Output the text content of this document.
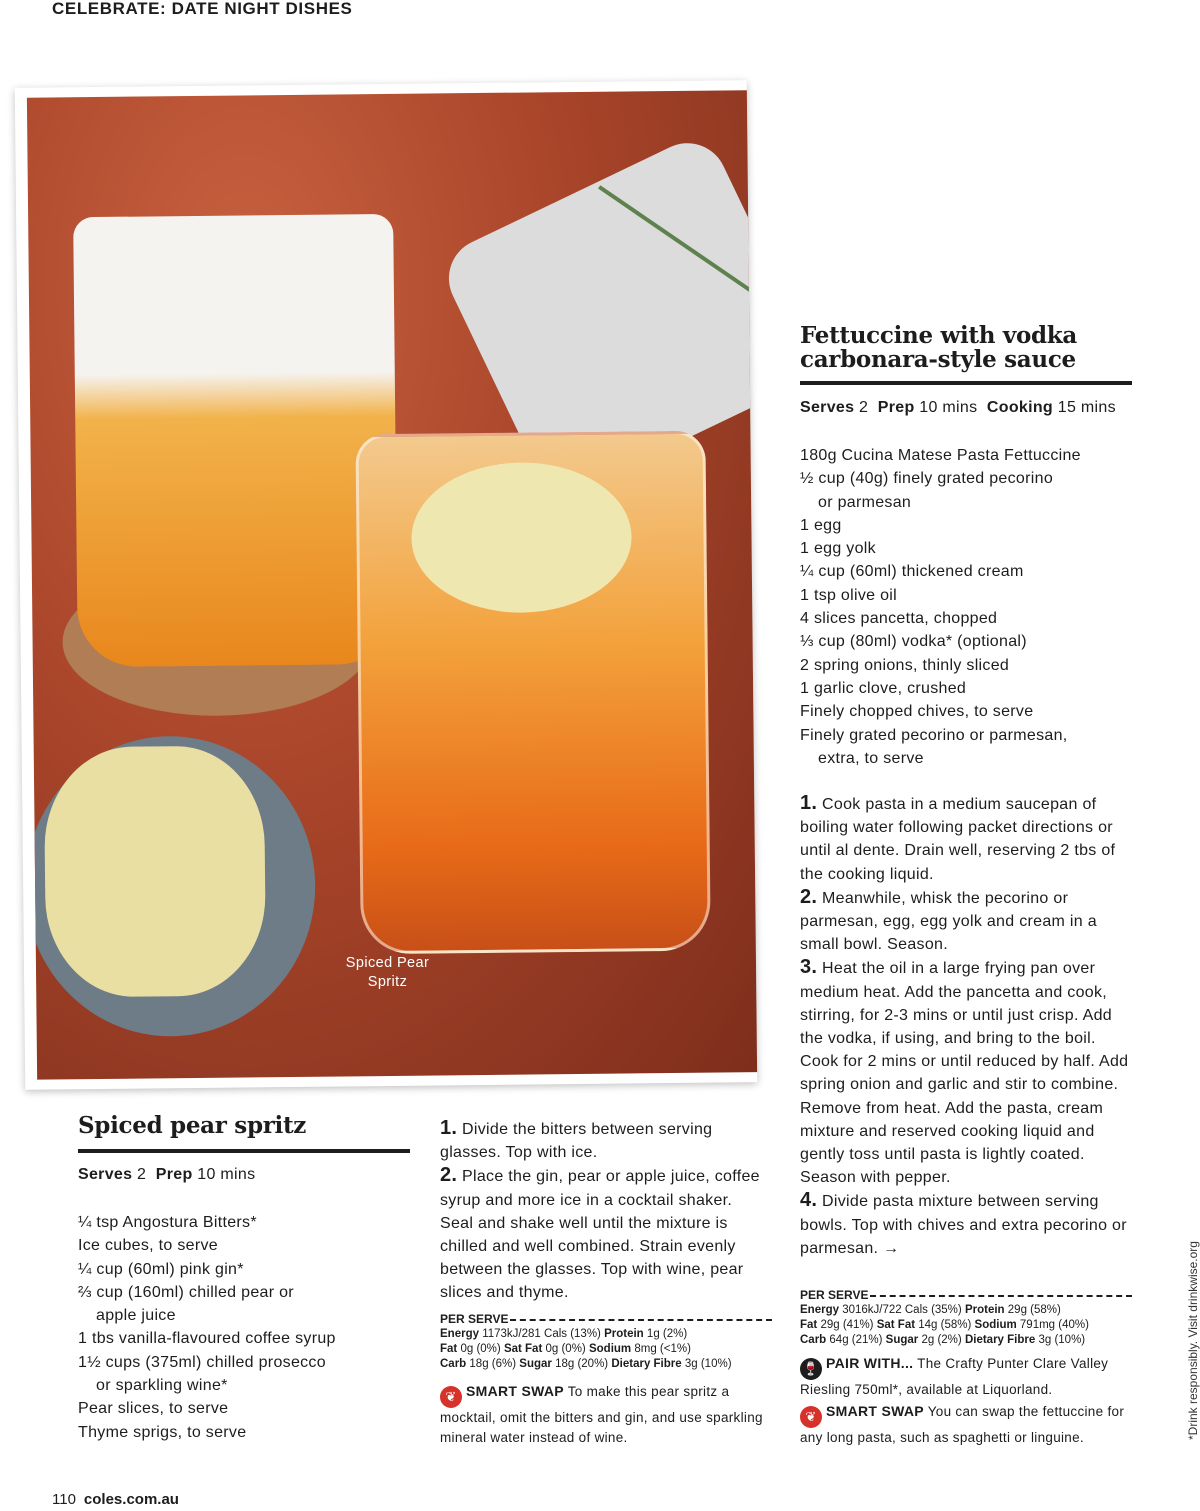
CELEBRATE: DATE NIGHT DISHES
Spiced Pear
Spritz
Fettuccine with vodka
carbonara-style sauce
Serves 2 Prep 10 mins Cooking 15 mins
180g Cucina Matese Pasta Fettuccine
½ cup (40g) finely grated pecorino
or parmesan
1 egg
1 egg yolk
¼ cup (60ml) thickened cream
1 tsp olive oil
4 slices pancetta, chopped
⅓ cup (80ml) vodka* (optional)
2 spring onions, thinly sliced
1 garlic clove, crushed
Finely chopped chives, to serve
Finely grated pecorino or parmesan,
extra, to serve
1. Cook pasta in a medium saucepan of boiling water following packet directions or until al dente. Drain well, reserving 2 tbs of the cooking liquid.
2. Meanwhile, whisk the pecorino or parmesan, egg, egg yolk and cream in a small bowl. Season.
3. Heat the oil in a large frying pan over medium heat. Add the pancetta and cook, stirring, for 2-3 mins or until just crisp. Add the vodka, if using, and bring to the boil. Cook for 2 mins or until reduced by half. Add spring onion and garlic and stir to combine. Remove from heat. Add the pasta, cream mixture and reserved cooking liquid and gently toss until pasta is lightly coated. Season with pepper.
4. Divide pasta mixture between serving bowls. Top with chives and extra pecorino or parmesan. →
PER SERVE
Energy 3016kJ/722 Cals (35%) Protein 29g (58%)
Fat 29g (41%) Sat Fat 14g (58%) Sodium 791mg (40%)
Carb 64g (21%) Sugar 2g (2%) Dietary Fibre 3g (10%)
🍷 PAIR WITH... The Crafty Punter Clare Valley Riesling 750ml*, available at Liquorland.
❦ SMART SWAP You can swap the fettuccine for any long pasta, such as spaghetti or linguine.
Spiced pear spritz
Serves 2 Prep 10 mins
¼ tsp Angostura Bitters*
Ice cubes, to serve
¼ cup (60ml) pink gin*
⅔ cup (160ml) chilled pear or
apple juice
1 tbs vanilla-flavoured coffee syrup
1½ cups (375ml) chilled prosecco
or sparkling wine*
Pear slices, to serve
Thyme sprigs, to serve
1. Divide the bitters between serving glasses. Top with ice.
2. Place the gin, pear or apple juice, coffee syrup and more ice in a cocktail shaker. Seal and shake well until the mixture is chilled and well combined. Strain evenly between the glasses. Top with wine, pear slices and thyme.
PER SERVE
Energy 1173kJ/281 Cals (13%) Protein 1g (2%)
Fat 0g (0%) Sat Fat 0g (0%) Sodium 8mg (<1%)
Carb 18g (6%) Sugar 18g (20%) Dietary Fibre 3g (10%)
❦ SMART SWAP To make this pear spritz a mocktail, omit the bitters and gin, and use sparkling mineral water instead of wine.	*Drink responsibly. Visit drinkwise.org
110 coles.com.au
